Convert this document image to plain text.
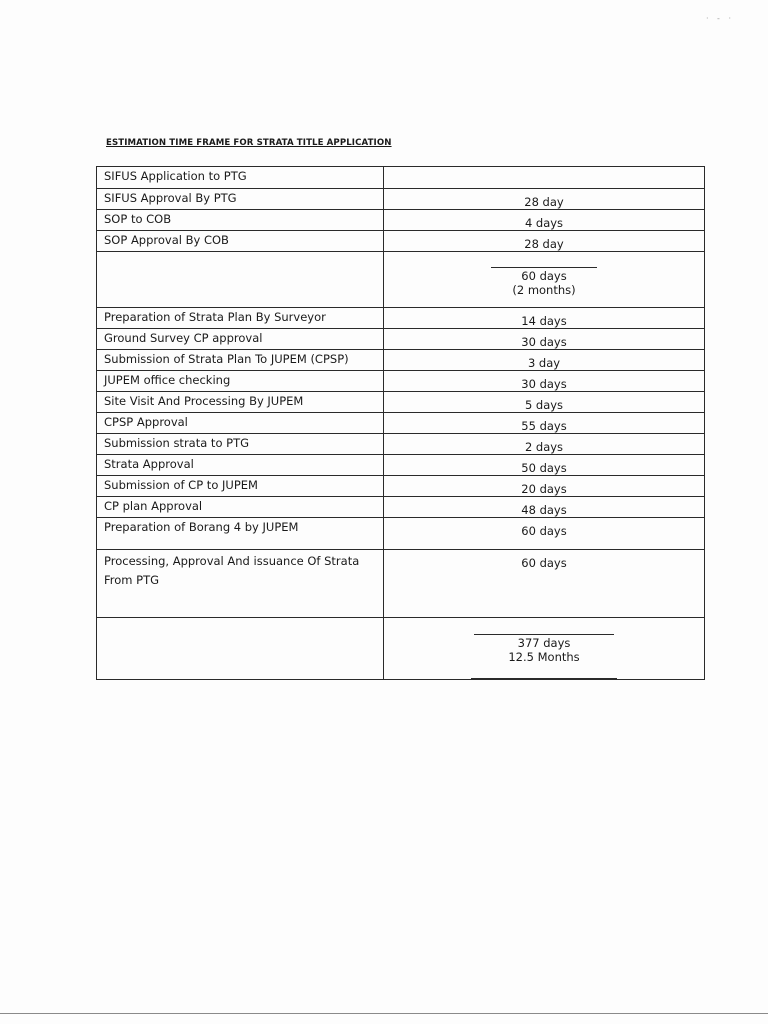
· - ·
ESTIMATION TIME FRAME FOR STRATA TITLE APPLICATION
SIFUS Application to PTG	
SIFUS Approval By PTG	28 day
SOP to COB	4 days
SOP Approval By COB	28 day

	60 days
(2 months)

Preparation of Strata Plan By Surveyor	14 days
Ground Survey CP approval	30 days
Submission of Strata Plan To JUPEM (CPSP)	3 day
JUPEM office checking	30 days
Site Visit And Processing By JUPEM	5 days
CPSP Approval	55 days
Submission strata to PTG	2 days
Strata Approval	50 days
Submission of CP to JUPEM	20 days
CP plan Approval	48 days
Preparation of Borang 4 by JUPEM	60 days

Processing, Approval And issuance Of Strata From PTG	60 days

	377 days
12.5 Months
